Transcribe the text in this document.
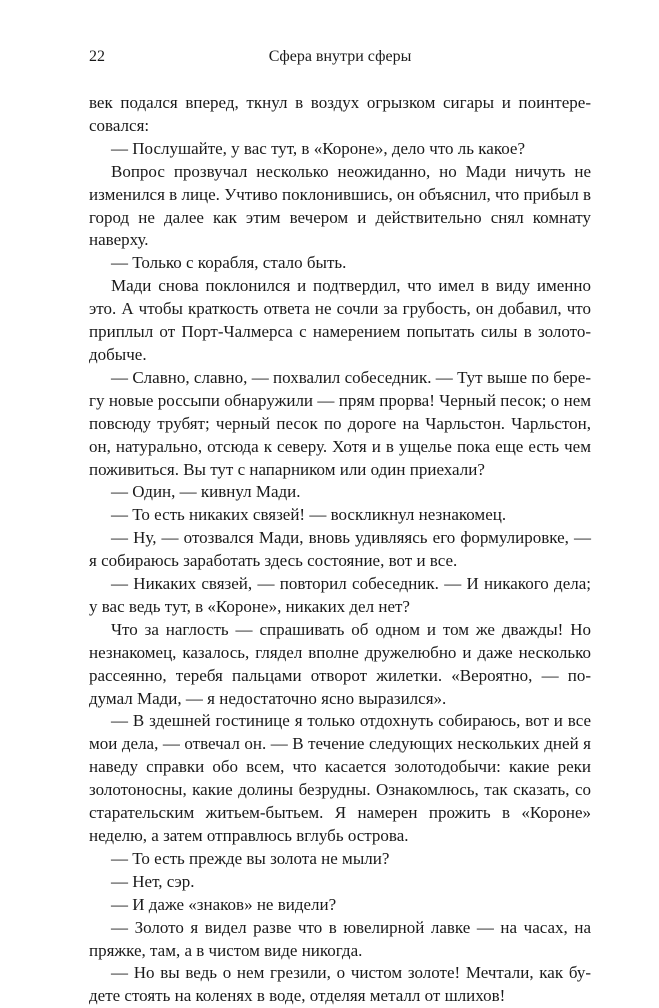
22	Сфера внутри сферы

век подался вперед, ткнул в воздух огрызком сигары и поинтересовался:

— Послушайте, у вас тут, в «Короне», дело что ль какое?

Вопрос прозвучал несколько неожиданно, но Мади ничуть не изменился в лице. Учтиво поклонившись, он объяснил, что прибыл в город не далее как этим вечером и действительно снял комнату наверху.

— Только с корабля, стало быть.

Мади снова поклонился и подтвердил, что имел в виду именно это. А чтобы краткость ответа не сочли за грубость, он добавил, что приплыл от Порт-Чалмерса с намерением попытать силы в золотодобыче.

— Славно, славно, — похвалил собеседник. — Тут выше по берегу новые россыпи обнаружили — прям прорва! Черный песок; о нем повсюду трубят; черный песок по дороге на Чарльстон. Чарльстон, он, натурально, отсюда к северу. Хотя и в ущелье пока еще есть чем поживиться. Вы тут с напарником или один приехали?

— Один, — кивнул Мади.

— То есть никаких связей! — воскликнул незнакомец.

— Ну, — отозвался Мади, вновь удивляясь его формулировке, — я собираюсь заработать здесь состояние, вот и все.

— Никаких связей, — повторил собеседник. — И никакого дела; у вас ведь тут, в «Короне», никаких дел нет?

Что за наглость — спрашивать об одном и том же дважды! Но незнакомец, казалось, глядел вполне дружелюбно и даже несколько рассеянно, теребя пальцами отворот жилетки. «Вероятно, — подумал Мади, — я недостаточно ясно выразился».

— В здешней гостинице я только отдохнуть собираюсь, вот и все мои дела, — отвечал он. — В течение следующих нескольких дней я наведу справки обо всем, что касается золотодобычи: какие реки золотоносны, какие долины безрудны. Ознакомлюсь, так сказать, со старательским житьем-бытьем. Я намерен прожить в «Короне» неделю, а затем отправлюсь вглубь острова.

— То есть прежде вы золота не мыли?

— Нет, сэр.

— И даже «знаков» не видели?

— Золото я видел разве что в ювелирной лавке — на часах, на пряжке, там, а в чистом виде никогда.

— Но вы ведь о нем грезили, о чистом золоте! Мечтали, как будете стоять на коленях в воде, отделяя металл от шлихов!
